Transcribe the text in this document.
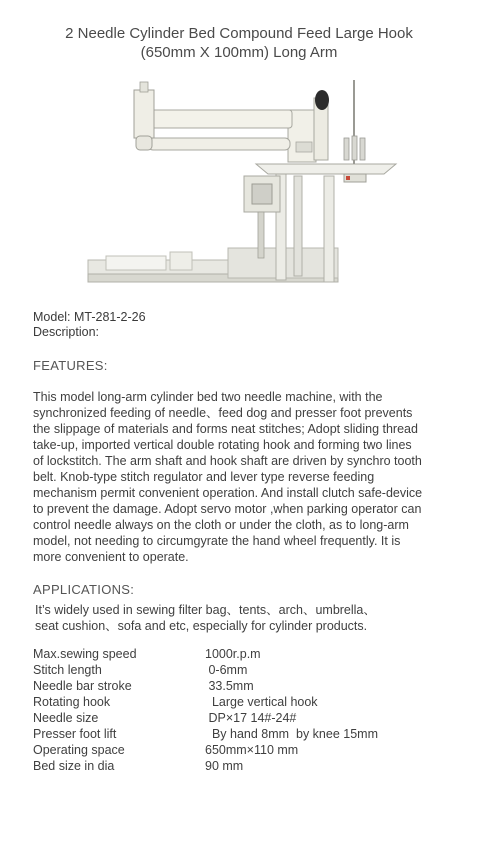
2 Needle Cylinder Bed Compound Feed Large Hook
(650mm X 100mm) Long Arm
Model: MT-281-2-26
Description:
FEATURES:
This model long-arm cylinder bed two needle machine, with the
synchronized feeding of needle、feed dog and presser foot prevents
the slippage of materials and forms neat stitches; Adopt sliding thread
take-up, imported vertical double rotating hook and forming two lines
of lockstitch. The arm shaft and hook shaft are driven by synchro tooth
belt. Knob-type stitch regulator and lever type reverse feeding
mechanism permit convenient operation. And install clutch safe-device
to prevent the damage. Adopt servo motor ,when parking operator can
control needle always on the cloth or under the cloth, as to long-arm
model, not needing to circumgyrate the hand wheel frequently. It is
more convenient to operate.
APPLICATIONS:
It’s widely used in sewing filter bag、tents、arch、umbrella、
seat cushion、sofa and etc, especially for cylinder products.
Max.sewing speed	1000r.p.m
Stitch length	0-6mm
Needle bar stroke	33.5mm
Rotating hook	Large vertical hook
Needle size	DP×17 14#-24#
Presser foot lift	By hand 8mm  by knee 15mm
Operating space	650mm×110 mm
Bed size in dia	90 mm
